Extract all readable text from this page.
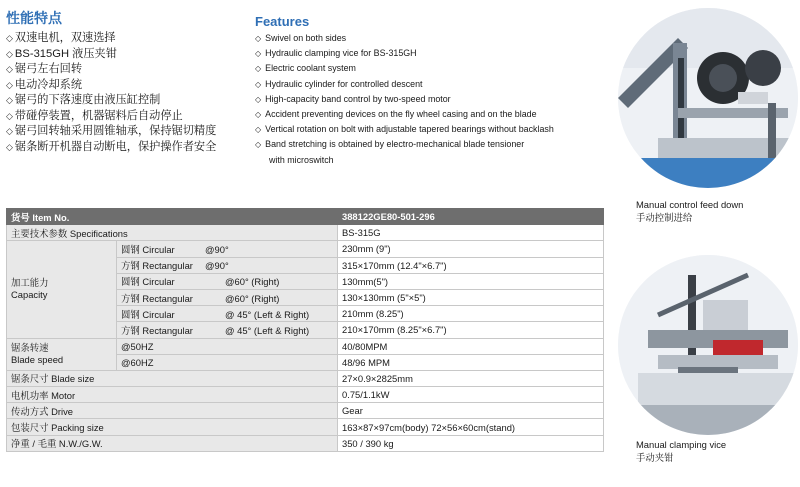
性能特点
◇ 双速电机，双速选择
◇ BS-315GH 液压夹钳
◇ 锯弓左右回转
◇ 电动冷却系统
◇ 锯弓的下落速度由液压缸控制
◇ 带碰停装置，机器锯料后自动停止
◇ 锯弓回转轴采用圆锥轴承，保持锯切精度
◇ 锯条断开机器自动断电，保护操作者安全
Features
◇ Swivel on both sides
◇ Hydraulic clamping vice for BS-315GH
◇ Electric coolant system
◇ Hydraulic cylinder for controlled descent
◇ High-capacity band control by two-speed motor
◇ Accident preventing devices on the fly wheel casing and on the blade
◇ Vertical rotation on bolt with adjustable tapered bearings without backlash
◇ Band stretching is obtained by electro-mechanical blade tensioner
with microswitch
货号 Item No.		388122GE80-501-296
主要技术参数 Specifications		BS-315G
加工能力
Capacity	圆钢 Circular @90°	230mm (9")
	方钢 Rectangular @90°	315×170mm (12.4"×6.7")
	圆钢 Circular @60° (Right)	130mm(5")
	方钢 Rectangular @60° (Right)	130×130mm (5"×5")
	圆钢 Circular @ 45° (Left & Right)	210mm (8.25")
	方钢 Rectangular @ 45° (Left & Right)	210×170mm (8.25"×6.7")
锯条转速
Blade speed	@50HZ	40/80MPM
	@60HZ	48/96 MPM
锯条尺寸 Blade size		27×0.9×2825mm
电机功率 Motor		0.75/1.1kW
传动方式 Drive		Gear
包装尺寸 Packing size		163×87×97cm(body) 72×56×60cm(stand)
净重 / 毛重 N.W./G.W.		350 / 390 kg
Manual control feed down
手动控制进给
Manual clamping vice
手动夹钳
